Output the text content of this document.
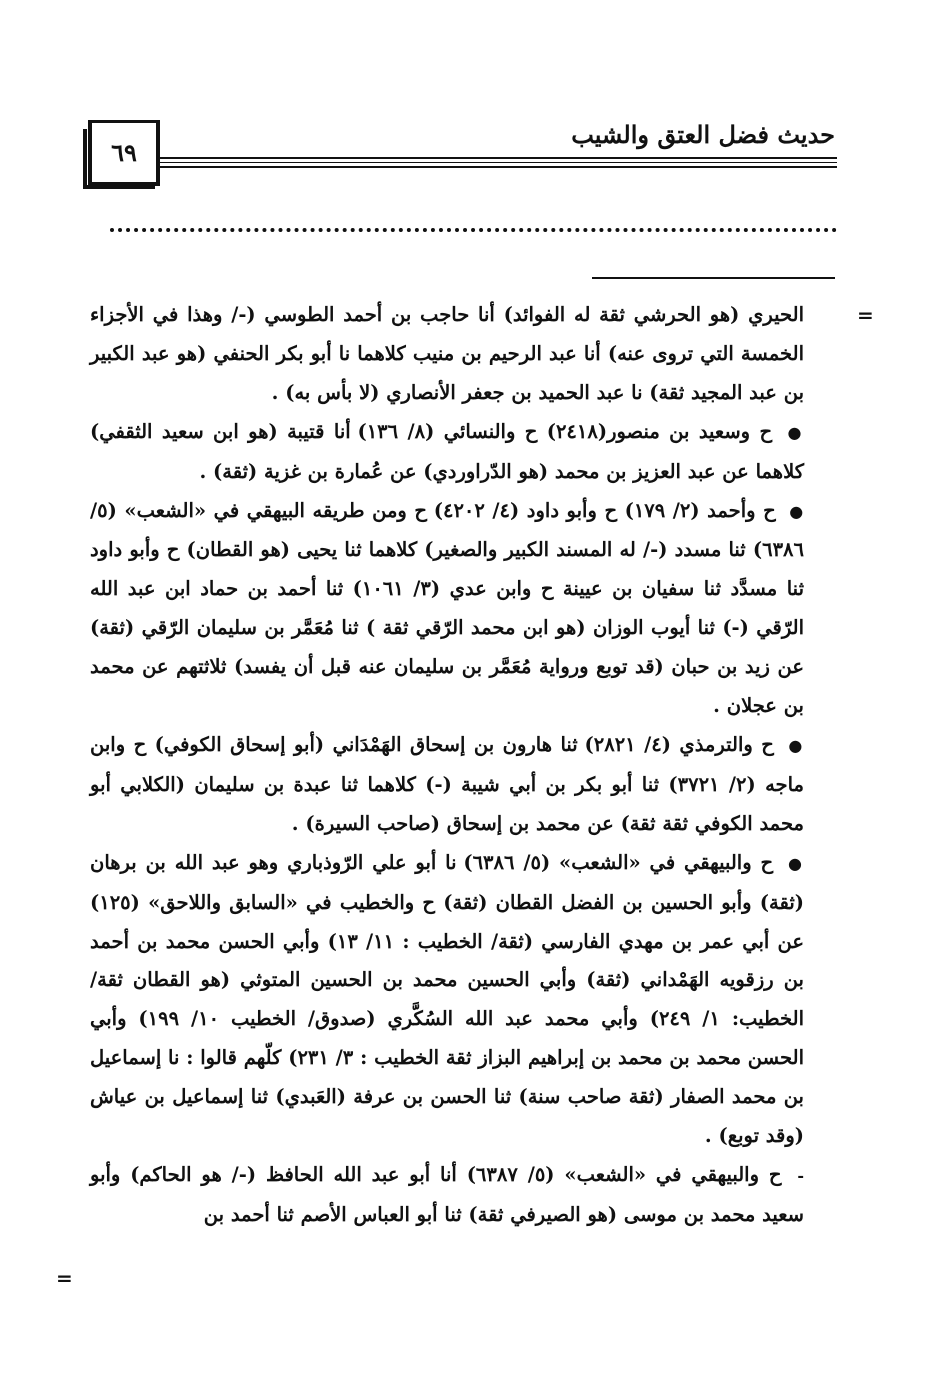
٦٩
حديث فضل العتق والشيب
=
=

الحيري (هو الحرشي ثقة له الفوائد) أنا حاجب بن أحمد الطوسي (-/ وهذا في الأجزاء الخمسة التي تروى عنه) أنا عبد الرحيم بن منيب كلاهما نا أبو بكر الحنفي (هو عبد الكبير بن عبد المجيد ثقة) نا عبد الحميد بن جعفر الأنصاري (لا بأس به) .

● ح وسعيد بن منصور(٢٤١٨) ح والنسائي (٨/ ١٣٦) أنا قتيبة (هو ابن سعيد الثقفي) كلاهما عن عبد العزيز بن محمد (هو الدّراوردي) عن عُمارة بن غزية (ثقة) .

● ح وأحمد (٢/ ١٧٩) ح وأبو داود (٤/ ٤٢٠٢) ح ومن طريقه البيهقي في «الشعب» (٥/ ٦٣٨٦) ثنا مسدد (-/ له المسند الكبير والصغير) كلاهما ثنا يحيى (هو القطان) ح وأبو داود ثنا مسدَّد ثنا سفيان بن عيينة ح وابن عدي (٣/ ١٠٦١) ثنا أحمد بن حماد ابن عبد الله الرّقي (-) ثنا أيوب الوزان (هو ابن محمد الرّقي ثقة ) ثنا مُعَمَّر بن سليمان الرّقي (ثقة) عن زيد بن حبان (قد توبع ورواية مُعَمَّر بن سليمان عنه قبل أن يفسد) ثلاثتهم عن محمد بن عجلان .

● ح والترمذي (٤/ ٢٨٢١) ثنا هارون بن إسحاق الهَمْدَاني (أبو إسحاق الكوفي) ح وابن ماجه (٢/ ٣٧٢١) ثنا أبو بكر بن أبي شيبة (-) كلاهما ثنا عبدة بن سليمان (الكلابي أبو محمد الكوفي ثقة ثقة) عن محمد بن إسحاق (صاحب السيرة) .

● ح والبيهقي في «الشعب» (٥/ ٦٣٨٦) نا أبو علي الرّوذباري وهو عبد الله بن برهان (ثقة) وأبو الحسين بن الفضل القطان (ثقة) ح والخطيب في «السابق واللاحق» (١٢٥) عن أبي عمر بن مهدي الفارسي (ثقة/ الخطيب : ١١/ ١٣) وأبي الحسن محمد بن أحمد بن رزقويه الهَمْداني (ثقة) وأبي الحسين محمد بن الحسين المتوثي (هو القطان ثقة/ الخطيب: ١/ ٢٤٩) وأبي محمد عبد الله السُكَّري (صدوق/ الخطيب ١٠/ ١٩٩) وأبي الحسن محمد بن محمد بن إبراهيم البزاز ثقة الخطيب : ٣/ ٢٣١) كلّهم قالوا : نا إسماعيل بن محمد الصفار (ثقة صاحب سنة) ثنا الحسن بن عرفة (العَبدي) ثنا إسماعيل بن عياش (وقد توبع) .

- ح والبيهقي في «الشعب» (٥/ ٦٣٨٧) أنا أبو عبد الله الحافظ (-/ هو الحاكم) وأبو سعيد محمد بن موسى (هو الصيرفي ثقة) ثنا أبو العباس الأصم ثنا أحمد بن
